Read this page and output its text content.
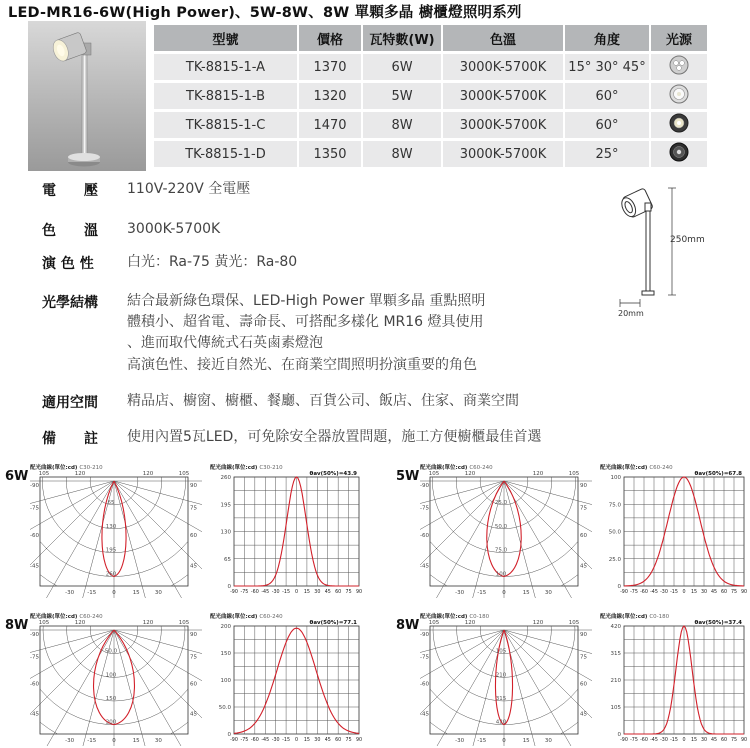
LED-MR16-6W(High Power)、5W-8W、8W 單顆多晶 櫥櫃燈照明系列
型號	價格	瓦特數(W)	色溫	角度	光源
TK-8815-1-A	1370	6W	3000K-5700K	15° 30° 45°	
TK-8815-1-B	1320	5W	3000K-5700K	60°	
TK-8815-1-C	1470	8W	3000K-5700K	60°	
TK-8815-1-D	1350	8W	3000K-5700K	25°	
電　　壓 110V-220V 全電壓
色　　溫 3000K-5700K
演 色 性 白光：Ra-75 黃光：Ra-80
光學結構 結合最新綠色環保、LED-High Power 單顆多晶 重點照明
體積小、超省電、壽命長、可搭配多樣化 MR16 燈具使用
、進而取代傳統式石英鹵素燈泡
高演色性、接近自然光、在商業空間照明扮演重要的角色
適用空間 精品店、櫥窗、櫥櫃、餐廳、百貨公司、飯店、住家、商業空間
備　　註 使用內置5瓦LED，可免除安全器放置問題，施工方便櫥櫃最佳首選
250mm
20mm
6W	5W
8W	8W
配光曲線(單位:cd) C30-210
65
130
195
260
105	120	120	105
-90
-75
-60
-45
90
75
60
45
-30 -15	0	15	30
配光曲線(單位:cd) C30-210
260
195
130
65
0
-90 -75 -60 -45 -30 -15 0 15 30 45 60 75 90
θav(50%)=43.9
配光曲線(單位:cd) C60-240
25.0
50.0
75.0
100
105	120	120	105
-90
-75
-60
-45
90
75
60
45
-30 -15	0	15	30
配光曲線(單位:cd) C60-240
100
75.0
50.0
25.0
0
-90 -75 -60 -45 -30 -15 0 15 30 45 60 75 90
θav(50%)=67.8
配光曲線(單位:cd) C60-240
50.0
100
150
200
105	120	120	105
-90
-75
-60
-45
90
75
60
45
-30 -15	0	15	30
配光曲線(單位:cd) C60-240
200
150
100
50.0
0
-90 -75 -60 -45 -30 -15 0 15 30 45 60 75 90
θav(50%)=77.1
配光曲線(單位:cd) C0-180
105
210
315
420
105	120	120	105
-90
-75
-60
-45
90
75
60
45
-30 -15	0	15	30
配光曲線(單位:cd) C0-180
420
315
210
105
0
-90 -75 -60 -45 -30 -15 0 15 30 45 60 75 90
θav(50%)=37.4
